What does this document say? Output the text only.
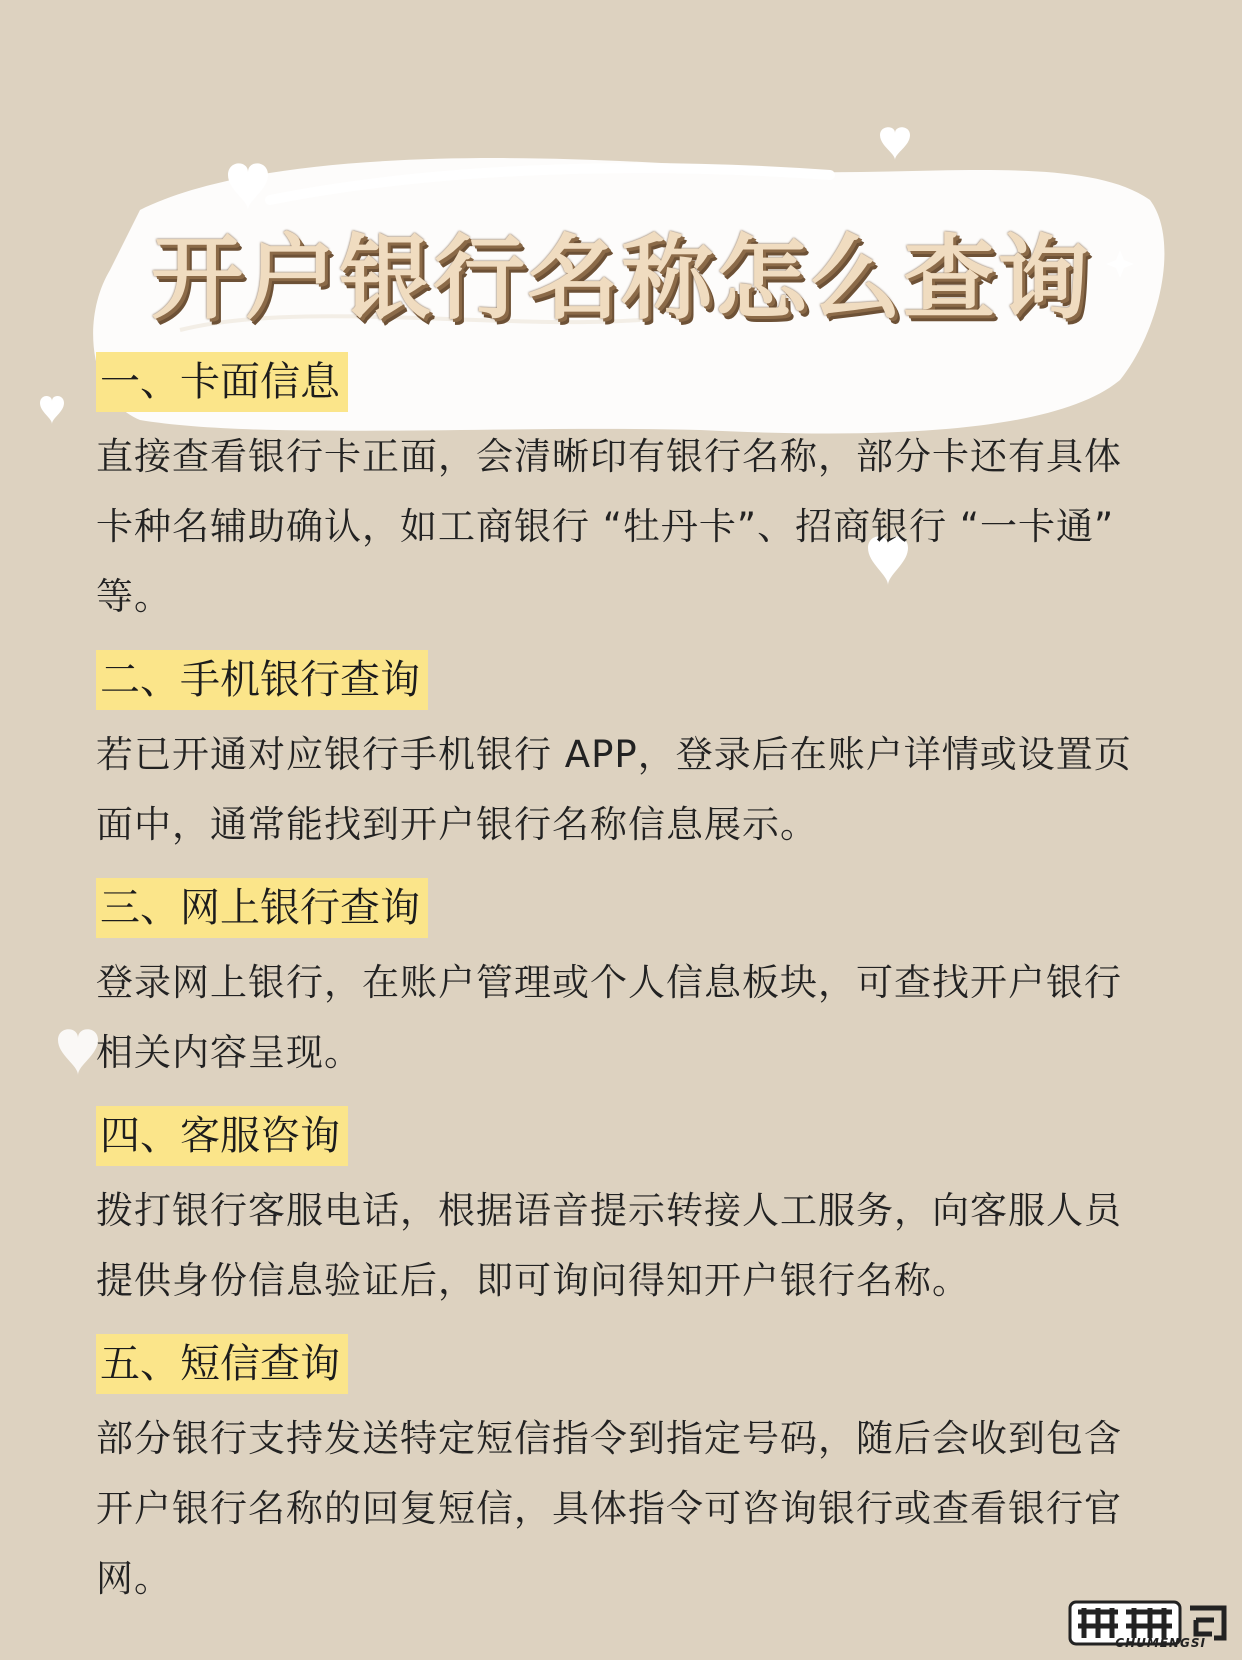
开户银行名称怎么查询
一、卡面信息

直接查看银行卡正面，会清晰印有银行名称，部分卡还有具体卡种名辅助确认，如工商银行 “牡丹卡”、招商银行 “一卡通” 等。

二、手机银行查询

若已开通对应银行手机银行 APP，登录后在账户详情或设置页面中，通常能找到开户银行名称信息展示。

三、网上银行查询

登录网上银行，在账户管理或个人信息板块，可查找开户银行相关内容呈现。

四、客服咨询

拨打银行客服电话，根据语音提示转接人工服务，向客服人员提供身份信息验证后，即可询问得知开户银行名称。

五、短信查询

部分银行支持发送特定短信指令到指定号码，随后会收到包含开户银行名称的回复短信，具体指令可咨询银行或查看银行官网。

CHUMENGSI
